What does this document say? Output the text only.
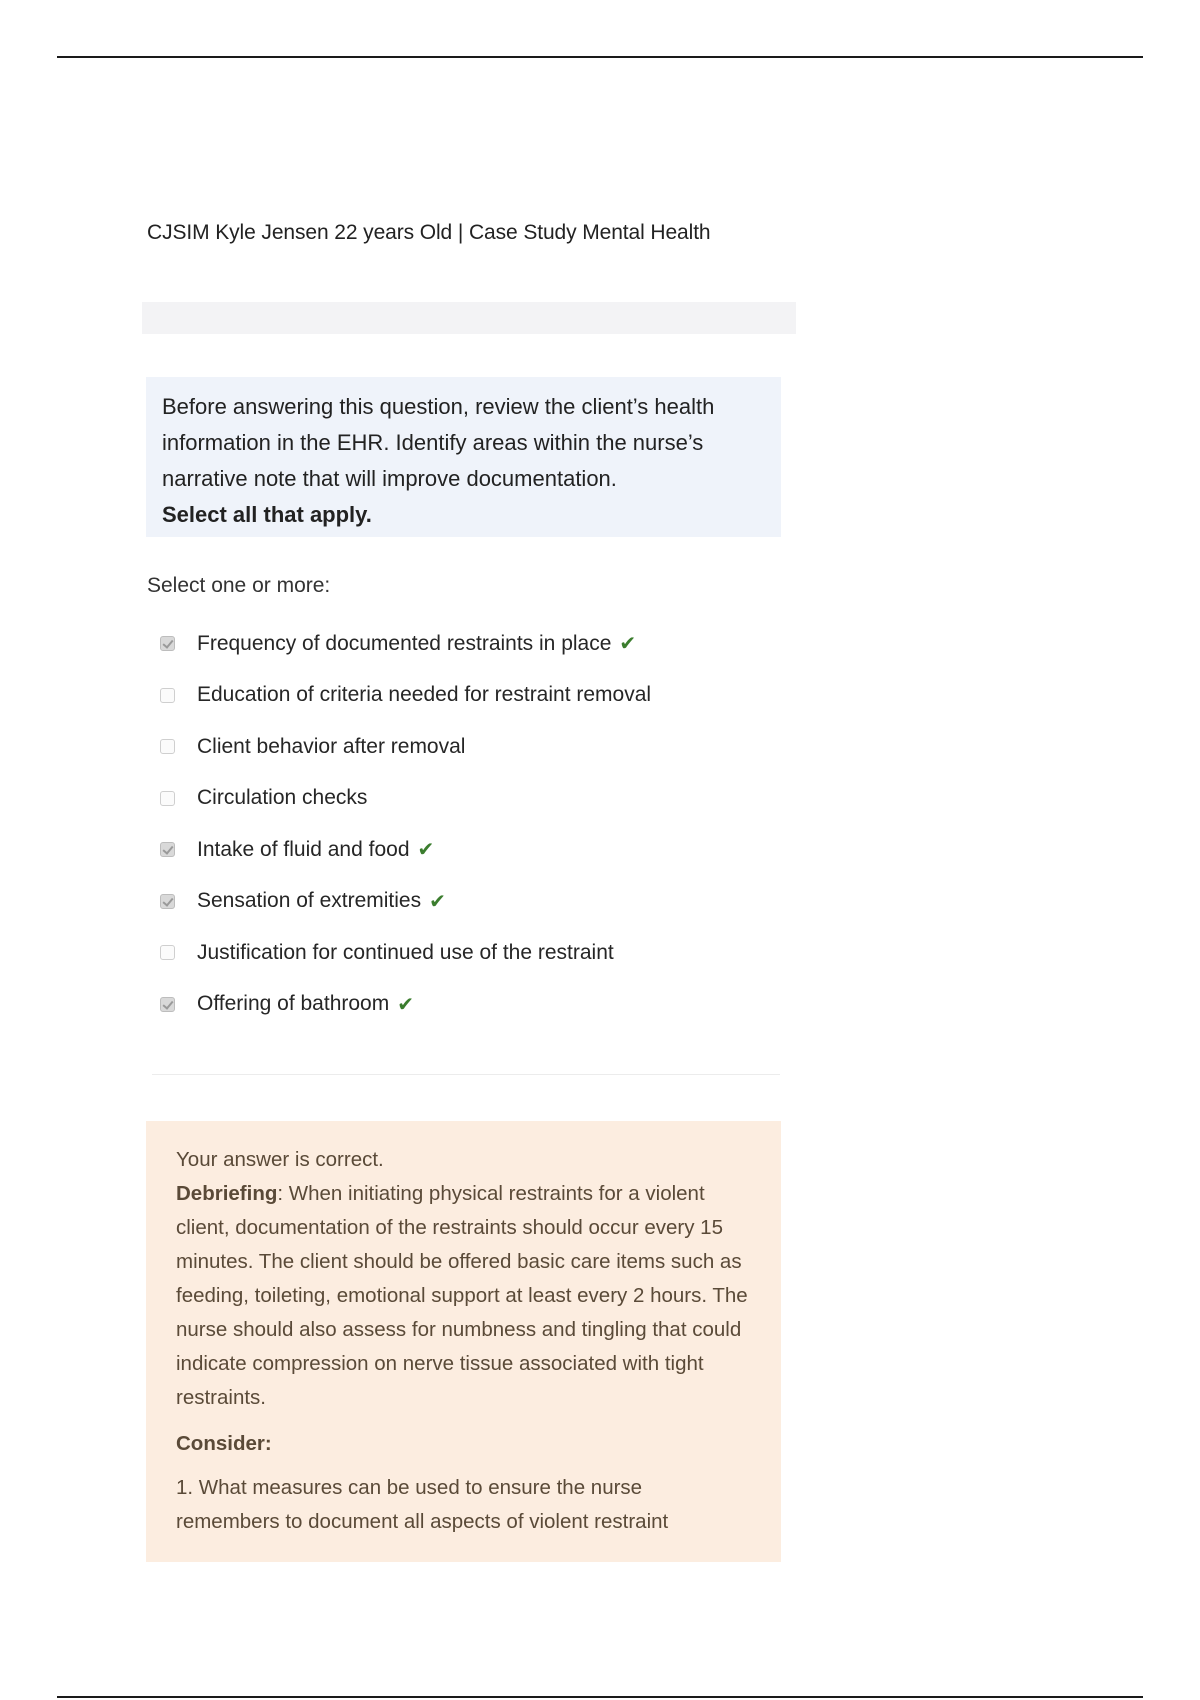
CJSIM Kyle Jensen 22 years Old | Case Study Mental Health
Before answering this question, review the client’s health information in the EHR. Identify areas within the nurse’s narrative note that will improve documentation.
Select all that apply.
Select one or more:
Frequency of documented restraints in place ✔
Education of criteria needed for restraint removal
Client behavior after removal
Circulation checks
Intake of fluid and food ✔
Sensation of extremities ✔
Justification for continued use of the restraint
Offering of bathroom ✔
Your answer is correct.
Debriefing: When initiating physical restraints for a violent client, documentation of the restraints should occur every 15 minutes. The client should be offered basic care items such as feeding, toileting, emotional support at least every 2 hours. The nurse should also assess for numbness and tingling that could indicate compression on nerve tissue associated with tight restraints.
Consider:
1. What measures can be used to ensure the nurse remembers to document all aspects of violent restraint
